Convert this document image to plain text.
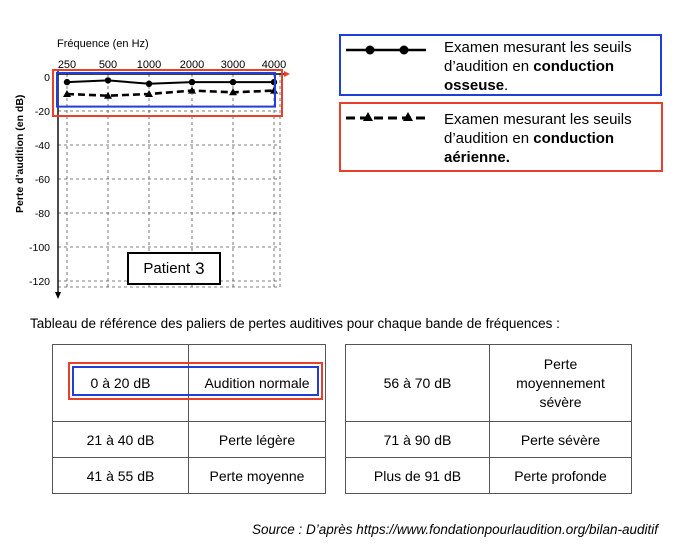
Fréquence (en Hz)
Perte d’audition (en dB)
250 500 1000 2000 3000 4000
0
-20
-40
-60
-80
-100
-120
Patient 3
Examen mesurant les seuils
d’audition en conduction
osseuse.
Examen mesurant les seuils
d’audition en conduction
aérienne.
Tableau de référence des paliers de pertes auditives pour chaque bande de fréquences :
0 à 20 dB	Audition normale
21 à 40 dB	Perte légère
41 à 55 dB	Perte moyenne
56 à 70 dB	Perte
moyennement
sévère

71 à 90 dB	Perte sévère
Plus de 91 dB	Perte profonde
Source : D’après https://www.fondationpourlaudition.org/bilan-auditif
